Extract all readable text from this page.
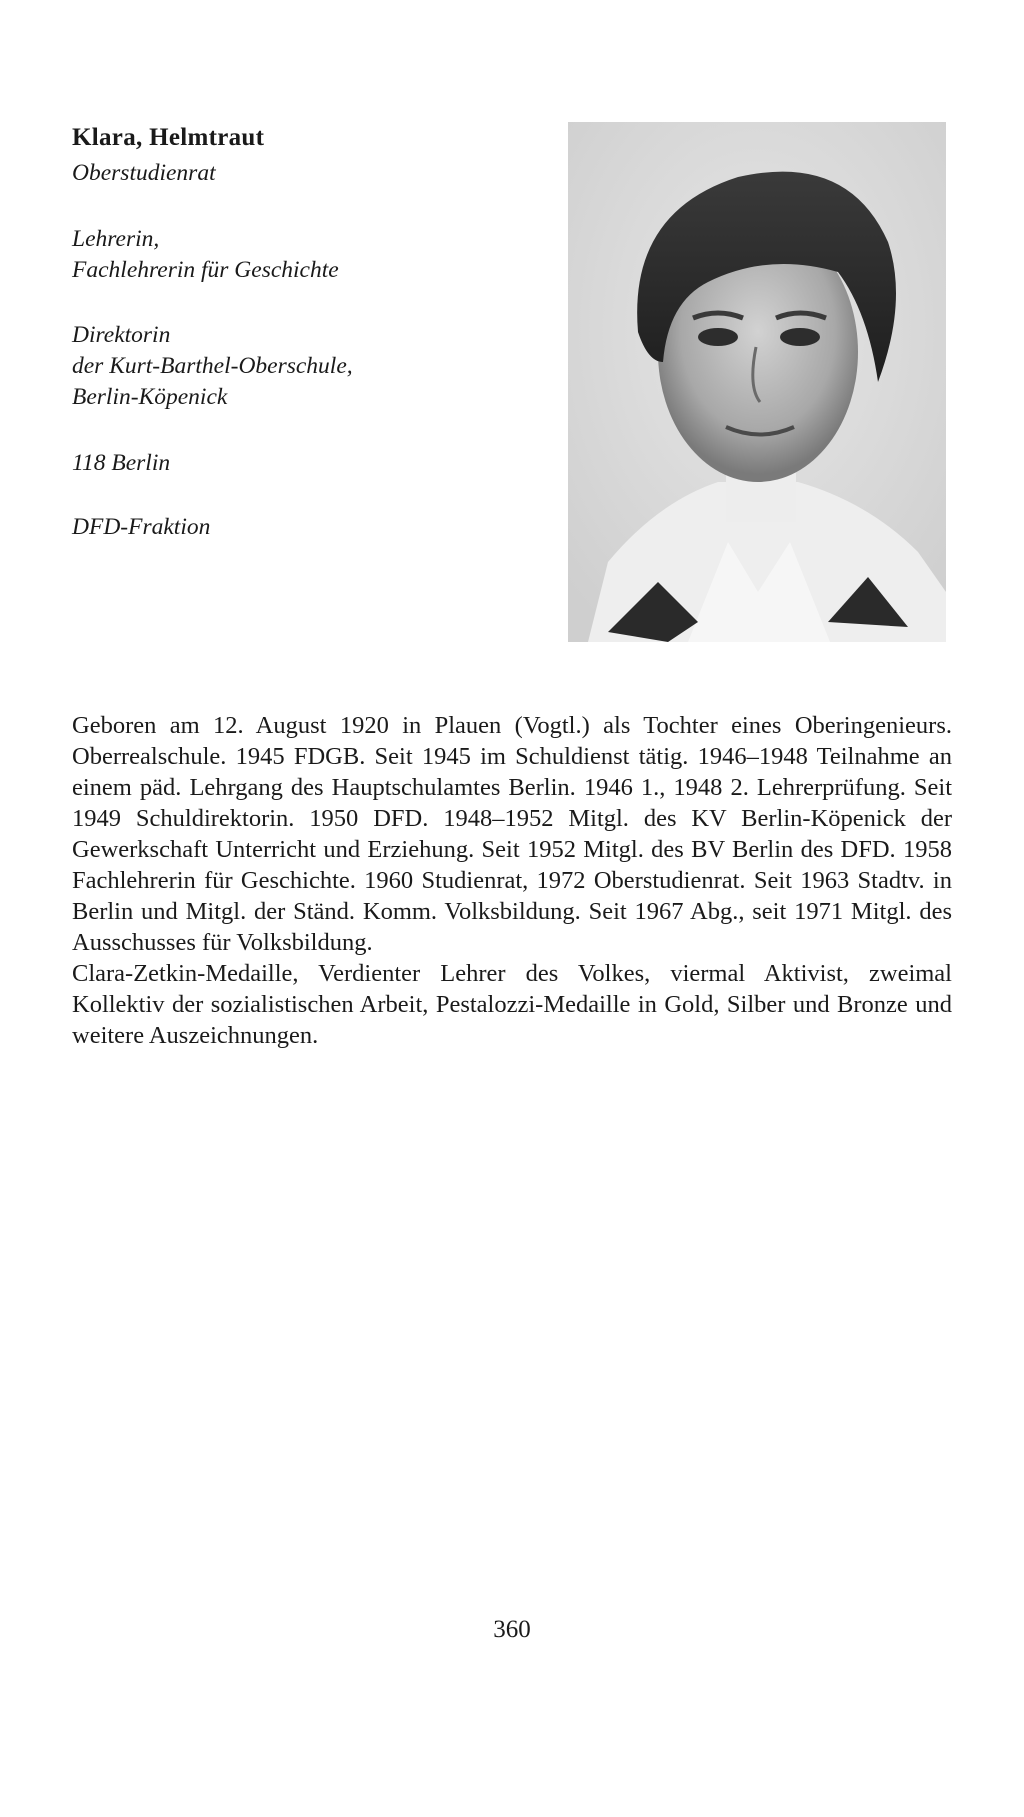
Klara, Helmtraut
Oberstudienrat
Lehrerin,
Fachlehrerin für Geschichte
Direktorin
der Kurt-Barthel-Oberschule,
Berlin-Köpenick
118 Berlin
DFD-Fraktion

Geboren am 12. August 1920 in Plauen (Vogtl.) als Tochter eines Oberingenieurs. Oberrealschule. 1945 FDGB. Seit 1945 im Schuldienst tätig. 1946–1948 Teilnahme an einem päd. Lehrgang des Hauptschulamtes Berlin. 1946 1., 1948 2. Lehrerprüfung. Seit 1949 Schuldirektorin. 1950 DFD. 1948–1952 Mitgl. des KV Berlin-Köpenick der Gewerkschaft Unterricht und Erziehung. Seit 1952 Mitgl. des BV Berlin des DFD. 1958 Fachlehrerin für Geschichte. 1960 Studienrat, 1972 Oberstudienrat. Seit 1963 Stadtv. in Berlin und Mitgl. der Ständ. Komm. Volksbildung. Seit 1967 Abg., seit 1971 Mitgl. des Ausschusses für Volksbildung.

Clara-Zetkin-Medaille, Verdienter Lehrer des Volkes, viermal Aktivist, zweimal Kollektiv der sozialistischen Arbeit, Pestalozzi-Medaille in Gold, Silber und Bronze und weitere Auszeichnungen.

360
